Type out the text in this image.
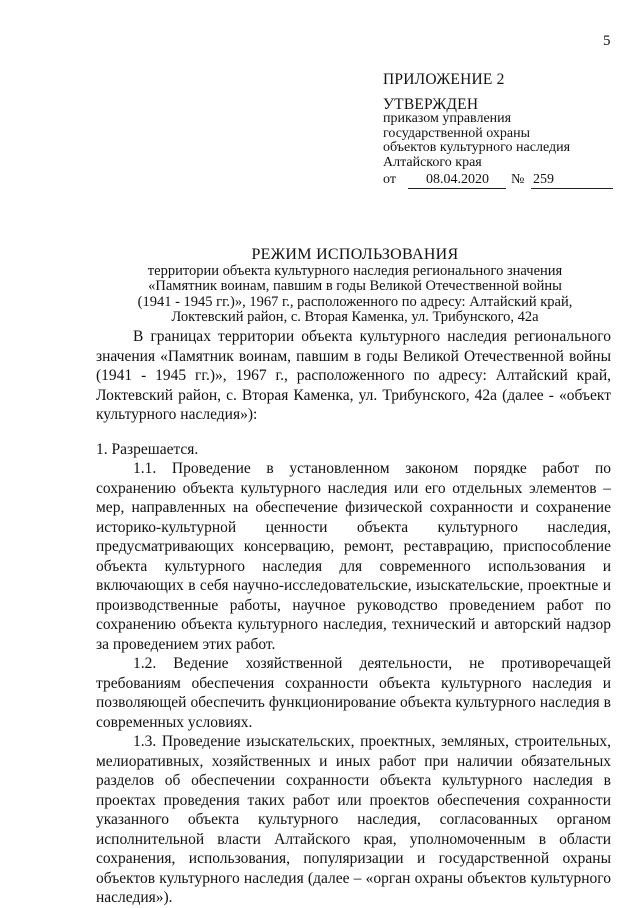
5
ПРИЛОЖЕНИЕ 2
УТВЕРЖДЕН
приказом управления
государственной охраны
объектов культурного наследия
Алтайского края
от	08.04.2020	№ 259
РЕЖИМ ИСПОЛЬЗОВАНИЯ
территории объекта культурного наследия регионального значения
«Памятник воинам, павшим в годы Великой Отечественной войны
(1941 - 1945 гг.)», 1967 г., расположенного по адресу: Алтайский край,
Локтевский район, с. Вторая Каменка, ул. Трибунского, 42а

В границах территории объекта культурного наследия регионального значения «Памятник воинам, павшим в годы Великой Отечественной войны (1941 - 1945 гг.)», 1967 г., расположенного по адресу: Алтайский край, Локтевский район, с. Вторая Каменка, ул. Трибунского, 42а (далее - «объект культурного наследия»):

1. Разрешается.

1.1. Проведение в установленном законом порядке работ по сохранению объекта культурного наследия или его отдельных элементов – мер, направленных на обеспечение физической сохранности и сохранение историко-культурной ценности объекта культурного наследия, предусматривающих консервацию, ремонт, реставрацию, приспособление объекта культурного наследия для современного использования и включающих в себя научно-исследовательские, изыскательские, проектные и производственные работы, научное руководство проведением работ по сохранению объекта культурного наследия, технический и авторский надзор за проведением этих работ.

1.2. Ведение хозяйственной деятельности, не противоречащей требованиям обеспечения сохранности объекта культурного наследия и позволяющей обеспечить функционирование объекта культурного наследия в современных условиях.

1.3. Проведение изыскательских, проектных, земляных, строительных, мелиоративных, хозяйственных и иных работ при наличии обязательных разделов об обеспечении сохранности объекта культурного наследия в проектах проведения таких работ или проектов обеспечения сохранности указанного объекта культурного наследия, согласованных органом исполнительной власти Алтайского края, уполномоченным в области сохранения, использования, популяризации и государственной охраны объектов культурного наследия (далее – «орган охраны объектов культурного наследия»).
